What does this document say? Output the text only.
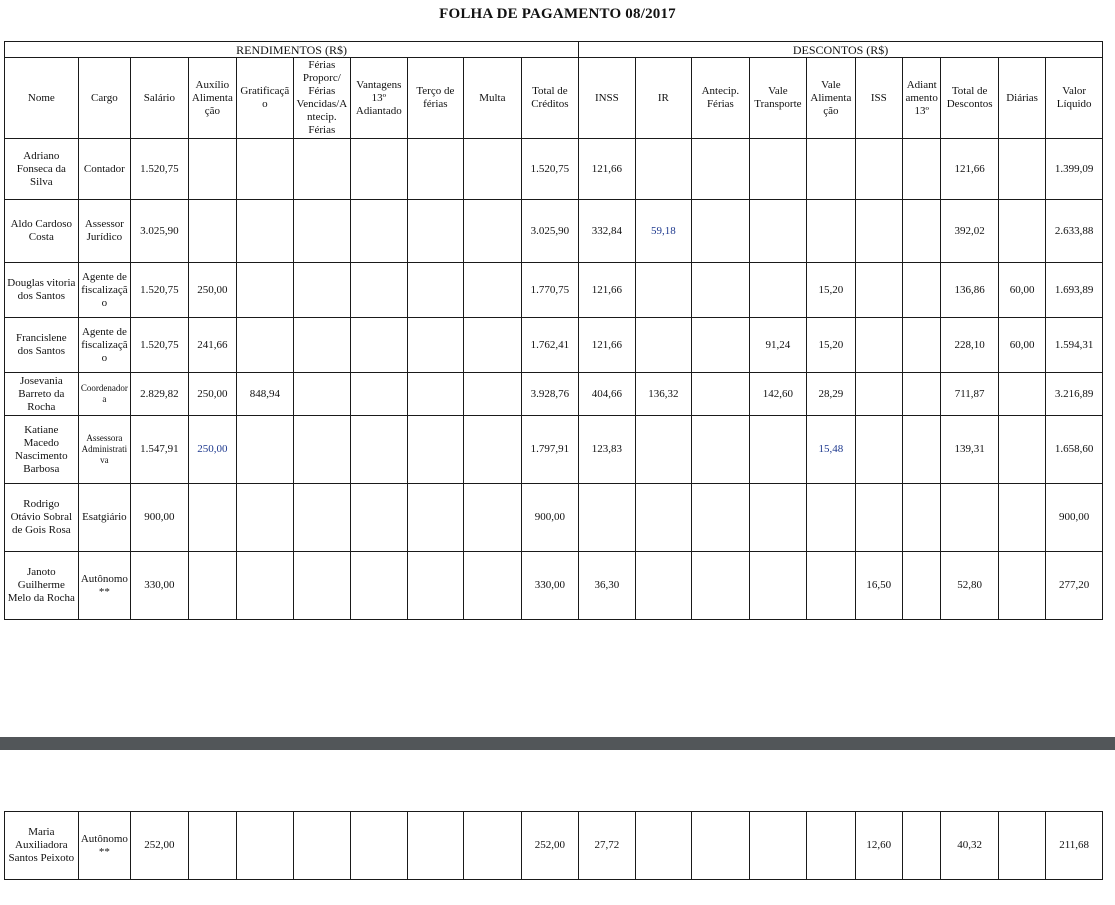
FOLHA DE PAGAMENTO 08/2017
RENDIMENTOS (R$)										DESCONTOS (R$)									
Nome	Cargo	Salário	Auxílio Alimentação	Gratificação	Férias Proporc/ Férias Vencidas/Antecip. Férias	Vantagens 13º Adiantado	Terço de férias	Multa	Total de Créditos	INSS	IR	Antecip. Férias	Vale Transporte	Vale Alimentação	ISS	Adiantamento 13º	Total de Descontos	Diárias	Valor Líquido
Adriano Fonseca da Silva	Contador	1.520,75							1.520,75	121,66							121,66		1.399,09
Aldo Cardoso Costa	Assessor Jurídico	3.025,90							3.025,90	332,84	59,18						392,02		2.633,88
Douglas vitoria dos Santos	Agente de fiscalização	1.520,75	250,00						1.770,75	121,66				15,20			136,86	60,00	1.693,89
Francislene dos Santos	Agente de fiscalização	1.520,75	241,66						1.762,41	121,66			91,24	15,20			228,10	60,00	1.594,31
Josevania Barreto da Rocha	Coordenadora	2.829,82	250,00	848,94					3.928,76	404,66	136,32		142,60	28,29			711,87		3.216,89
Katiane Macedo Nascimento Barbosa	Assessora Administrativa	1.547,91	250,00						1.797,91	123,83				15,48			139,31		1.658,60
Rodrigo Otávio Sobral de Gois Rosa	Esatgiário	900,00							900,00										900,00
Janoto Guilherme Melo da Rocha	Autônomo**	330,00							330,00	36,30					16,50		52,80		277,20
Maria Auxiliadora Santos Peixoto	Autônomo**	252,00							252,00	27,72					12,60		40,32		211,68
